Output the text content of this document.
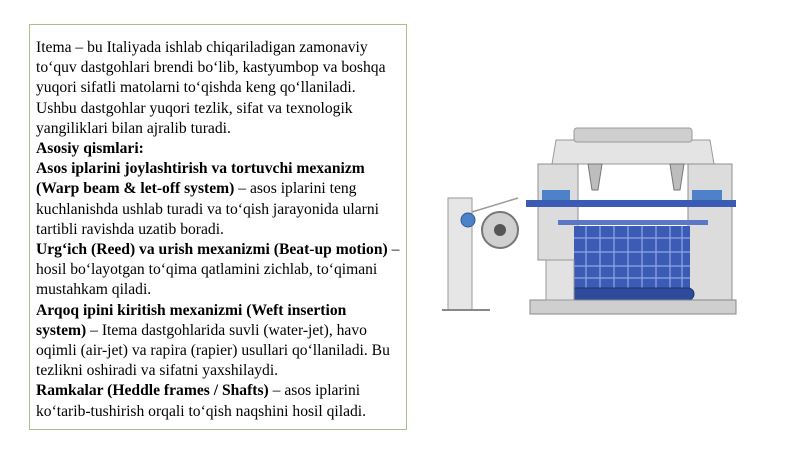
Itema – bu Italiyada ishlab chiqariladigan zamonaviy to‘quv dastgohlari brendi bo‘lib, kastyumbop va boshqa yuqori sifatli matolarni to‘qishda keng qo‘llaniladi. Ushbu dastgohlar yuqori tezlik, sifat va texnologik yangiliklari bilan ajralib turadi.

Asosiy qismlari:

Asos iplarini joylashtirish va tortuvchi mexanizm (Warp beam & let-off system) – asos iplarini teng kuchlanishda ushlab turadi va to‘qish jarayonida ularni tartibli ravishda uzatib boradi.

Urg‘ich (Reed) va urish mexanizmi (Beat-up motion) – hosil bo‘layotgan to‘qima qatlamini zichlab, to‘qimani mustahkam qiladi.

Arqoq ipini kiritish mexanizmi (Weft insertion system) – Itema dastgohlarida suvli (water-jet), havo oqimli (air-jet) va rapira (rapier) usullari qo‘llaniladi. Bu tezlikni oshiradi va sifatni yaxshilaydi.

Ramkalar (Heddle frames / Shafts) – asos iplarini ko‘tarib-tushirish orqali to‘qish naqshini hosil qiladi.
